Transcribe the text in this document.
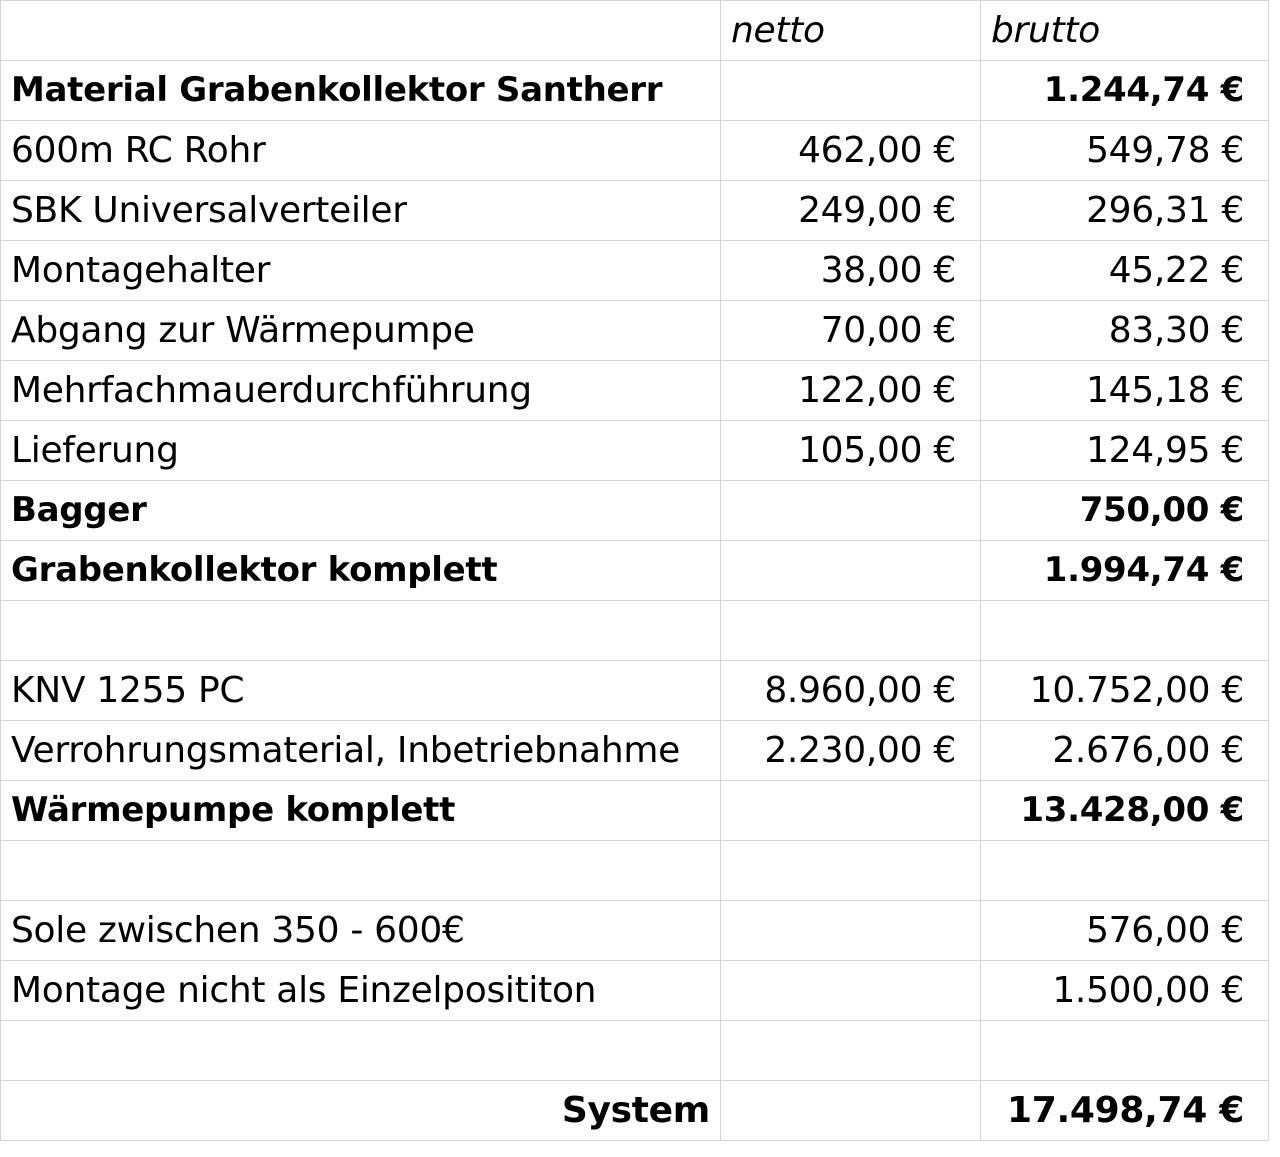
	netto	brutto
Material Grabenkollektor Santherr		1.244,74 €
600m RC Rohr	462,00 €	549,78 €
SBK Universalverteiler	249,00 €	296,31 €
Montagehalter	38,00 €	45,22 €
Abgang zur Wärmepumpe	70,00 €	83,30 €
Mehrfachmauerdurchführung	122,00 €	145,18 €
Lieferung	105,00 €	124,95 €
Bagger		750,00 €
Grabenkollektor komplett		1.994,74 €

KNV 1255 PC	8.960,00 €	10.752,00 €
Verrohrungsmaterial, Inbetriebnahme	2.230,00 €	2.676,00 €
Wärmepumpe komplett		13.428,00 €

Sole zwischen 350 - 600€		576,00 €
Montage nicht als Einzelposititon		1.500,00 €

System		17.498,74 €
